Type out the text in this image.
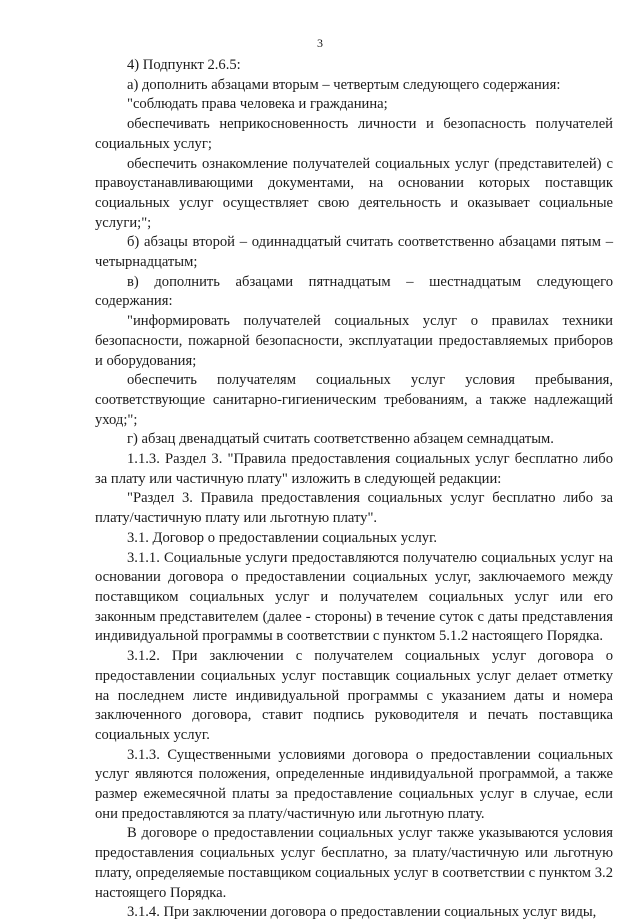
3

4) Подпункт 2.6.5:

а) дополнить абзацами вторым – четвертым следующего содержания:

"соблюдать права человека и гражданина;

обеспечивать неприкосновенность личности и безопасность получателей социальных услуг;

обеспечить ознакомление получателей социальных услуг (представителей) с правоустанавливающими документами, на основании которых поставщик социальных услуг осуществляет свою деятельность и оказывает социальные услуги;";

б) абзацы второй – одиннадцатый считать соответственно абзацами пятым – четырнадцатым;

в) дополнить абзацами пятнадцатым – шестнадцатым следующего содержания:

"информировать получателей социальных услуг о правилах техники безопасности, пожарной безопасности, эксплуатации предоставляемых приборов и оборудования;

обеспечить получателям социальных услуг условия пребывания, соответствующие санитарно-гигиеническим требованиям, а также надлежащий уход;";

г) абзац двенадцатый считать соответственно абзацем семнадцатым.

1.1.3. Раздел 3. "Правила предоставления социальных услуг бесплатно либо за плату или частичную плату" изложить в следующей редакции:

"Раздел 3. Правила предоставления социальных услуг бесплатно либо за плату/частичную плату или льготную плату".

3.1. Договор о предоставлении социальных услуг.

3.1.1. Социальные услуги предоставляются получателю социальных услуг на основании договора о предоставлении социальных услуг, заключаемого между поставщиком социальных услуг и получателем социальных услуг или его законным представителем (далее - стороны) в течение суток с даты представления индивидуальной программы в соответствии с пунктом 5.1.2 настоящего Порядка.

3.1.2. При заключении с получателем социальных услуг договора о предоставлении социальных услуг поставщик социальных услуг делает отметку на последнем листе индивидуальной программы с указанием даты и номера заключенного договора, ставит подпись руководителя и печать поставщика социальных услуг.

3.1.3. Существенными условиями договора о предоставлении социальных услуг являются положения, определенные индивидуальной программой, а также размер ежемесячной платы за предоставление социальных услуг в случае, если они предоставляются за плату/частичную или льготную плату.

В договоре о предоставлении социальных услуг также указываются условия предоставления социальных услуг бесплатно, за плату/частичную или льготную плату, определяемые поставщиком социальных услуг в соответствии с пунктом 3.2 настоящего Порядка.

3.1.4. При заключении договора о предоставлении социальных услуг виды,
